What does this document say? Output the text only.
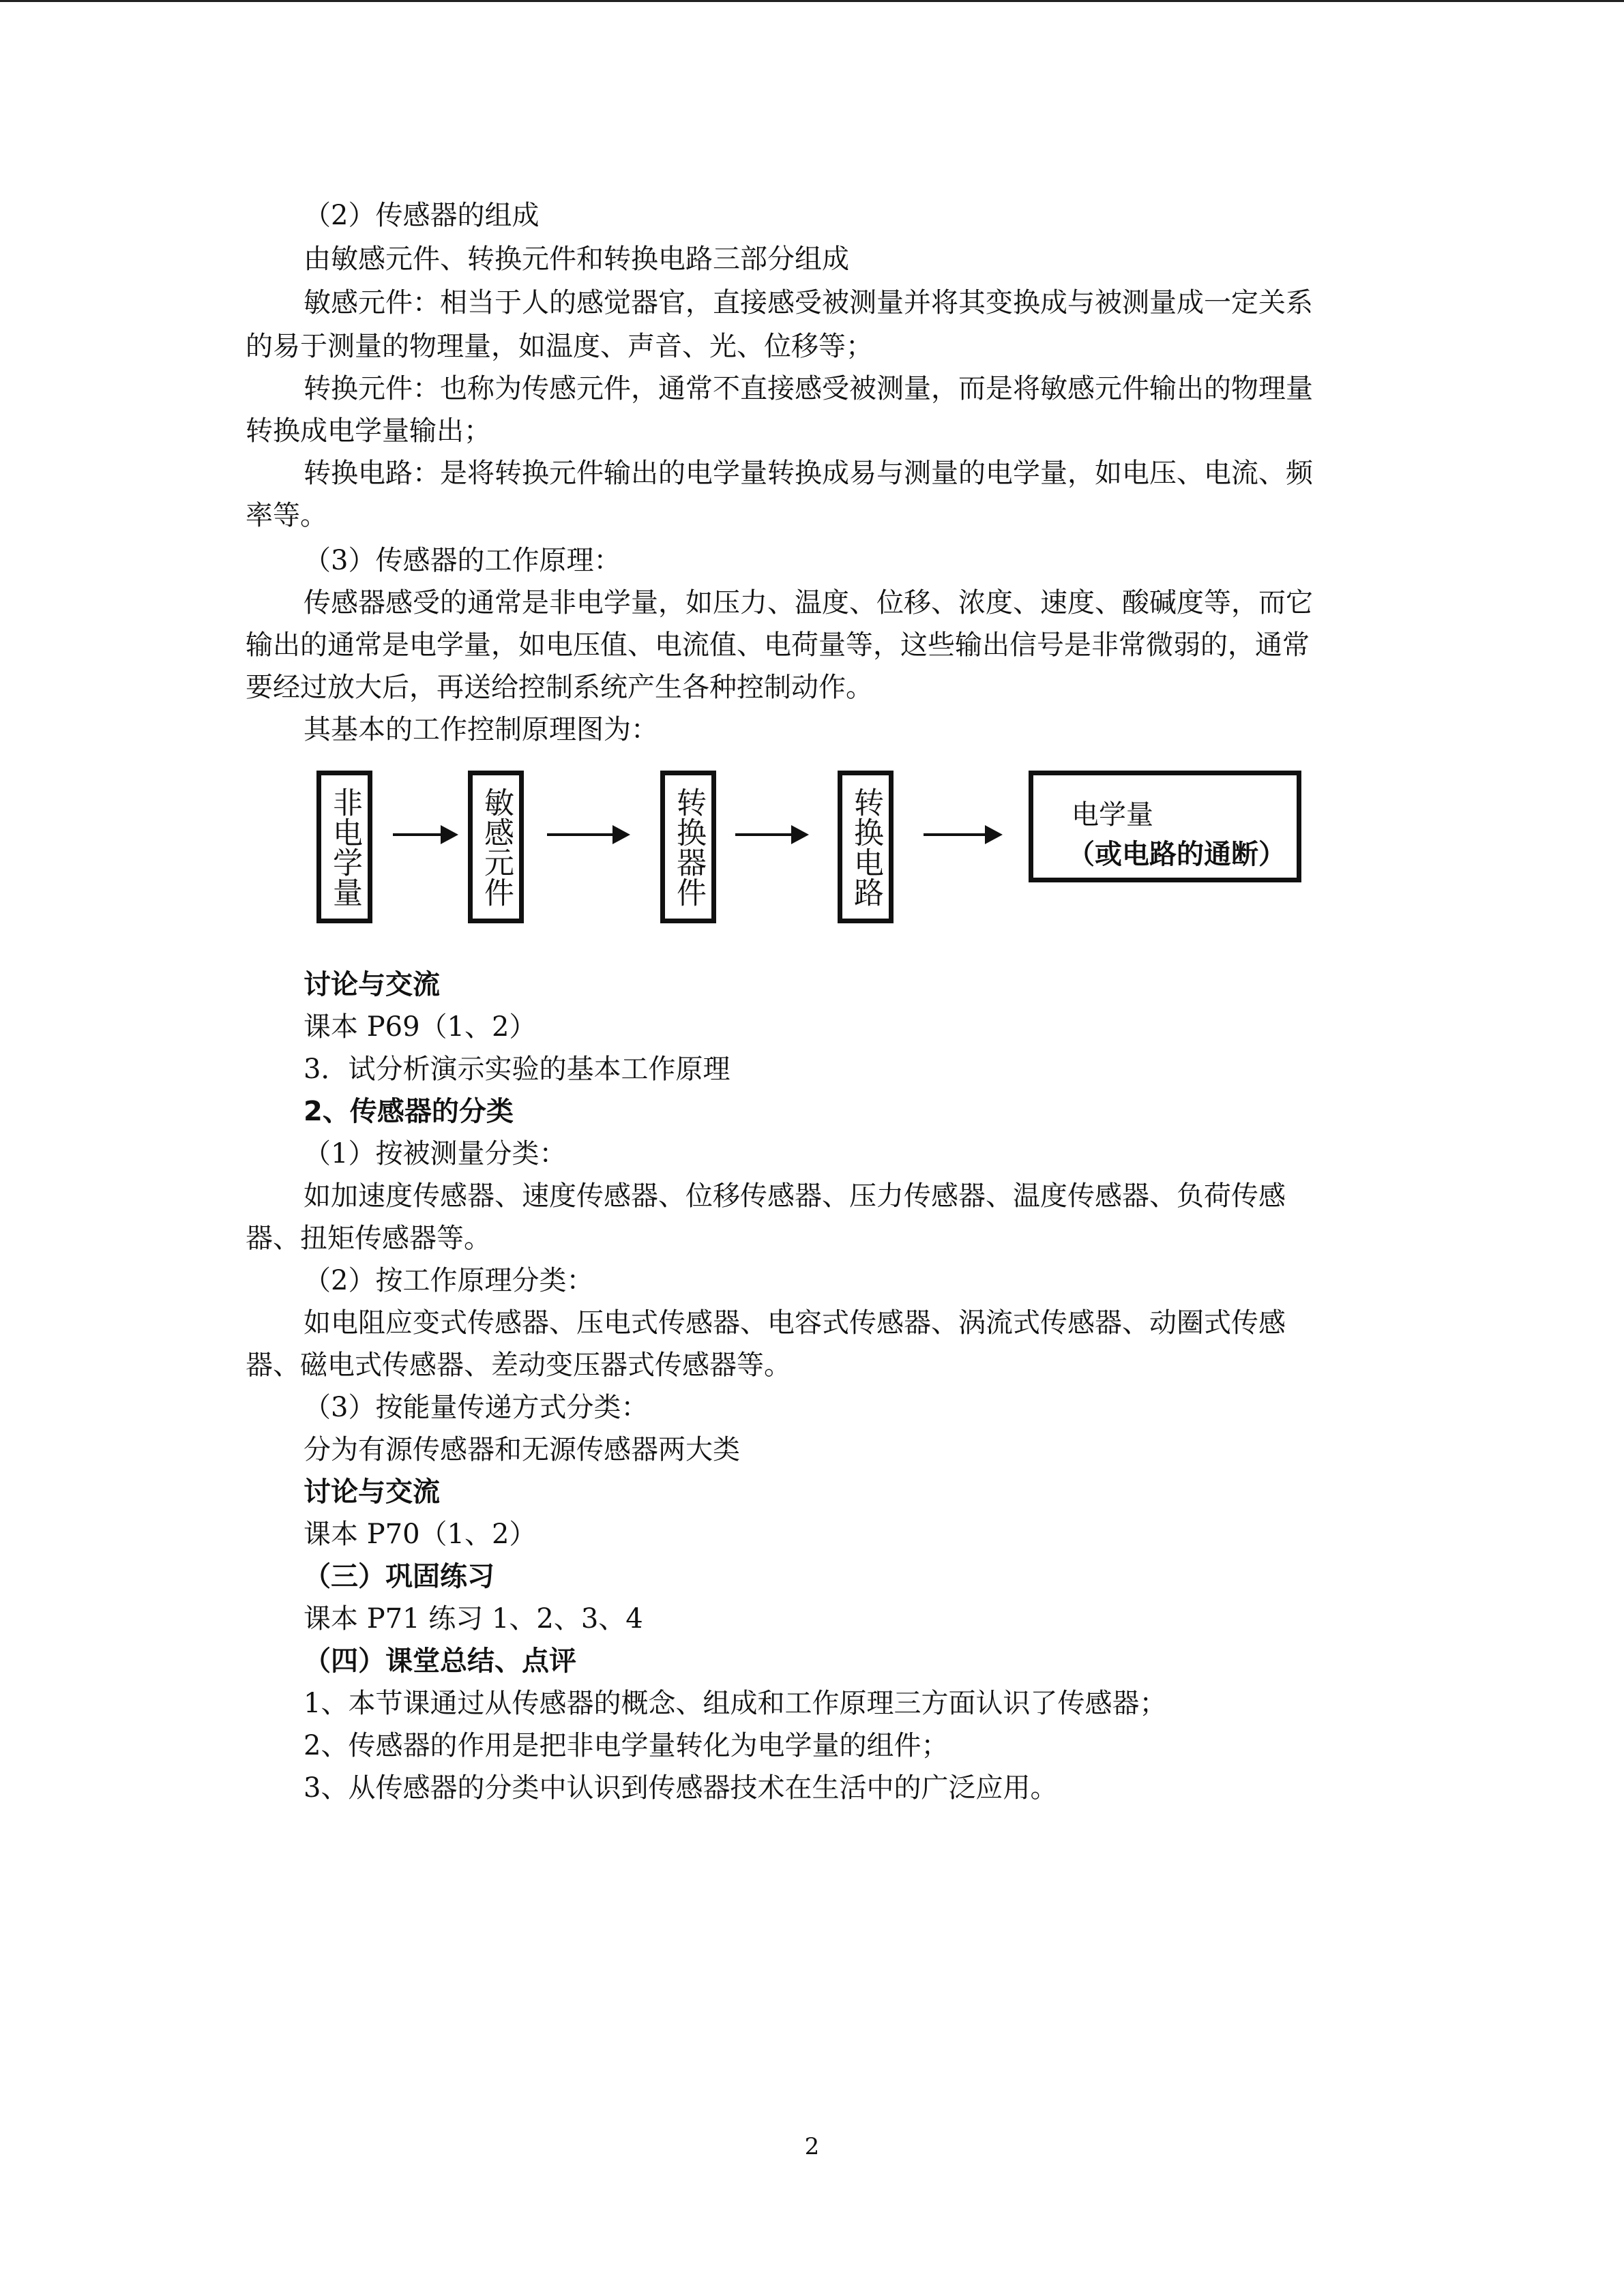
（2）传感器的组成
由敏感元件、转换元件和转换电路三部分组成
敏感元件：相当于人的感觉器官，直接感受被测量并将其变换成与被测量成一定关系
的易于测量的物理量，如温度、声音、光、位移等；
转换元件：也称为传感元件，通常不直接感受被测量，而是将敏感元件输出的物理量
转换成电学量输出；
转换电路：是将转换元件输出的电学量转换成易与测量的电学量，如电压、电流、频
率等。
（3）传感器的工作原理：
传感器感受的通常是非电学量，如压力、温度、位移、浓度、速度、酸碱度等，而它
输出的通常是电学量，如电压值、电流值、电荷量等，这些输出信号是非常微弱的，通常
要经过放大后，再送给控制系统产生各种控制动作。
其基本的工作控制原理图为：
非电学量	敏感元件	转换器件	转换电路	电学量
（或电路的通断）
讨论与交流
课本 P69（1、2）
3．试分析演示实验的基本工作原理
2、传感器的分类
（1）按被测量分类：
如加速度传感器、速度传感器、位移传感器、压力传感器、温度传感器、负荷传感
器、扭矩传感器等。
（2）按工作原理分类：
如电阻应变式传感器、压电式传感器、电容式传感器、涡流式传感器、动圈式传感
器、磁电式传感器、差动变压器式传感器等。
（3）按能量传递方式分类：
分为有源传感器和无源传感器两大类
讨论与交流
课本 P70（1、2）
（三）巩固练习
课本 P71 练习 1、2、3、4
（四）课堂总结、点评
1、本节课通过从传感器的概念、组成和工作原理三方面认识了传感器；
2、传感器的作用是把非电学量转化为电学量的组件；
3、从传感器的分类中认识到传感器技术在生活中的广泛应用。
2
